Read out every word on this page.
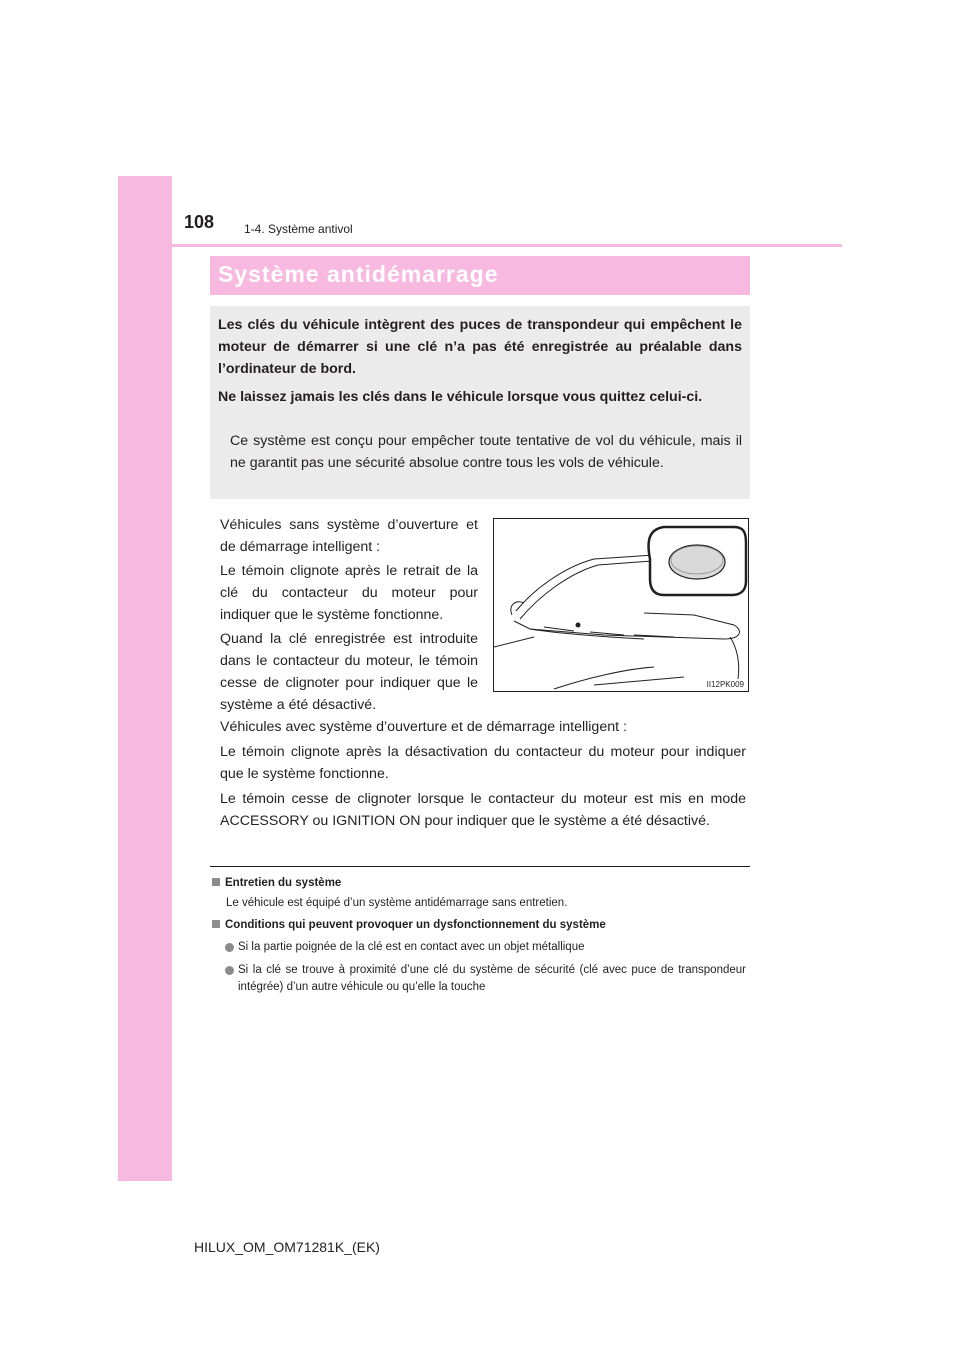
108 1-4. Système antivol
Système antidémarrage

Les clés du véhicule intègrent des puces de transpondeur qui empêchent le moteur de démarrer si une clé n’a pas été enregistrée au préalable dans l’ordinateur de bord.

Ne laissez jamais les clés dans le véhicule lorsque vous quittez celui-ci.

Ce système est conçu pour empêcher toute tentative de vol du véhicule, mais il ne garantit pas une sécurité absolue contre tous les vols de véhicule.

Véhicules sans système d’ouverture et de démarrage intelligent :

Le témoin clignote après le retrait de la clé du contacteur du moteur pour indiquer que le système fonctionne.

Quand la clé enregistrée est introduite dans le contacteur du moteur, le témoin cesse de clignoter pour indiquer que le système a été désactivé.

Véhicules avec système d’ouverture et de démarrage intelligent :

Le témoin clignote après la désactivation du contacteur du moteur pour indiquer que le système fonctionne.

Le témoin cesse de clignoter lorsque le contacteur du moteur est mis en mode ACCESSORY ou IGNITION ON pour indiquer que le système a été désactivé.

II12PK009
Entretien du système
Le véhicule est équipé d’un système antidémarrage sans entretien.
Conditions qui peuvent provoquer un dysfonctionnement du système
Si la partie poignée de la clé est en contact avec un objet métallique
Si la clé se trouve à proximité d’une clé du système de sécurité (clé avec puce de transpondeur intégrée) d’un autre véhicule ou qu’elle la touche
HILUX_OM_OM71281K_(EK)
